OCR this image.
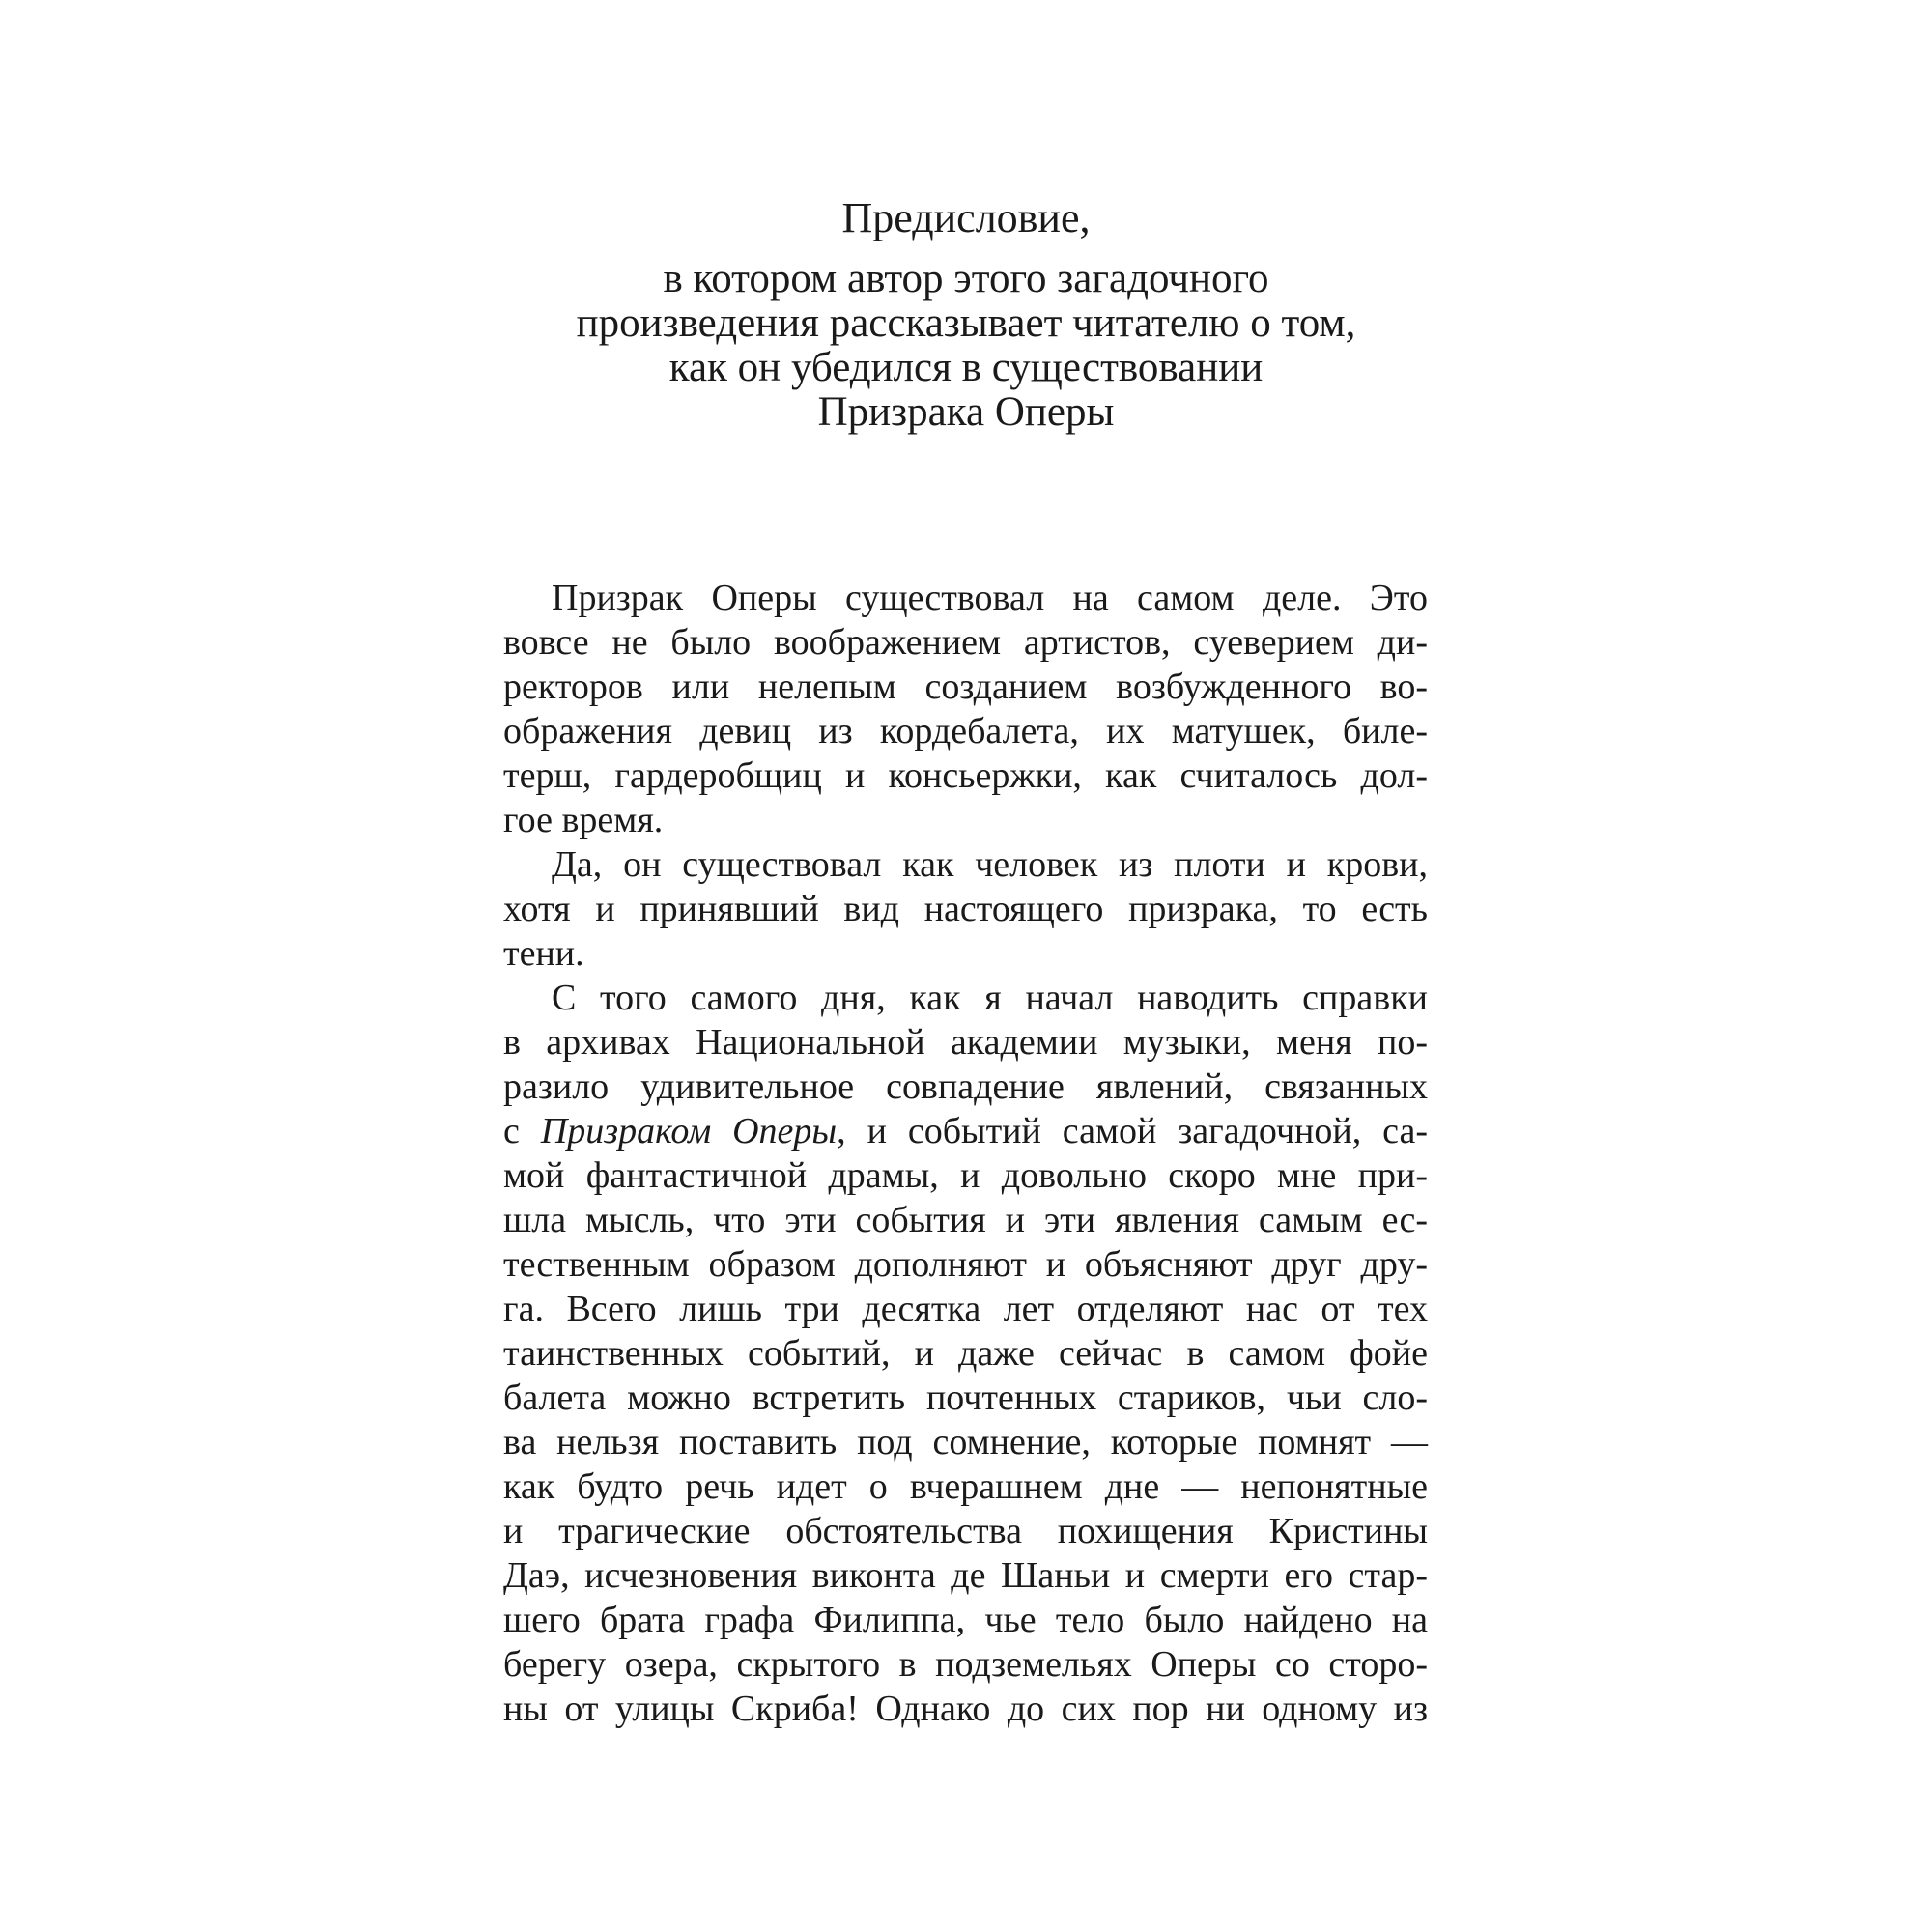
Предисловие,
в котором автор этого загадочного
произведения рассказывает читателю о том,
как он убедился в существовании
Призрака Оперы
Призрак Оперы существовал на самом деле. Это
вовсе не было воображением артистов, суеверием ди-
ректоров или нелепым созданием возбужденного во-
ображения девиц из кордебалета, их матушек, биле-
терш, гардеробщиц и консьержки, как считалось дол-
гое время.
Да, он существовал как человек из плоти и крови,
хотя и принявший вид настоящего призрака, то есть
тени.
С того самого дня, как я начал наводить справки
в архивах Национальной академии музыки, меня по-
разило удивительное совпадение явлений, связанных
с Призраком Оперы, и событий самой загадочной, са-
мой фантастичной драмы, и довольно скоро мне при-
шла мысль, что эти события и эти явления самым ес-
тественным образом дополняют и объясняют друг дру-
га. Всего лишь три десятка лет отделяют нас от тех
таинственных событий, и даже сейчас в самом фойе
балета можно встретить почтенных стариков, чьи сло-
ва нельзя поставить под сомнение, которые помнят —
как будто речь идет о вчерашнем дне — непонятные
и трагические обстоятельства похищения Кристины
Даэ, исчезновения виконта де Шаньи и смерти его стар-
шего брата графа Филиппа, чье тело было найдено на
берегу озера, скрытого в подземельях Оперы со сторо-
ны от улицы Скриба! Однако до сих пор ни одному из
